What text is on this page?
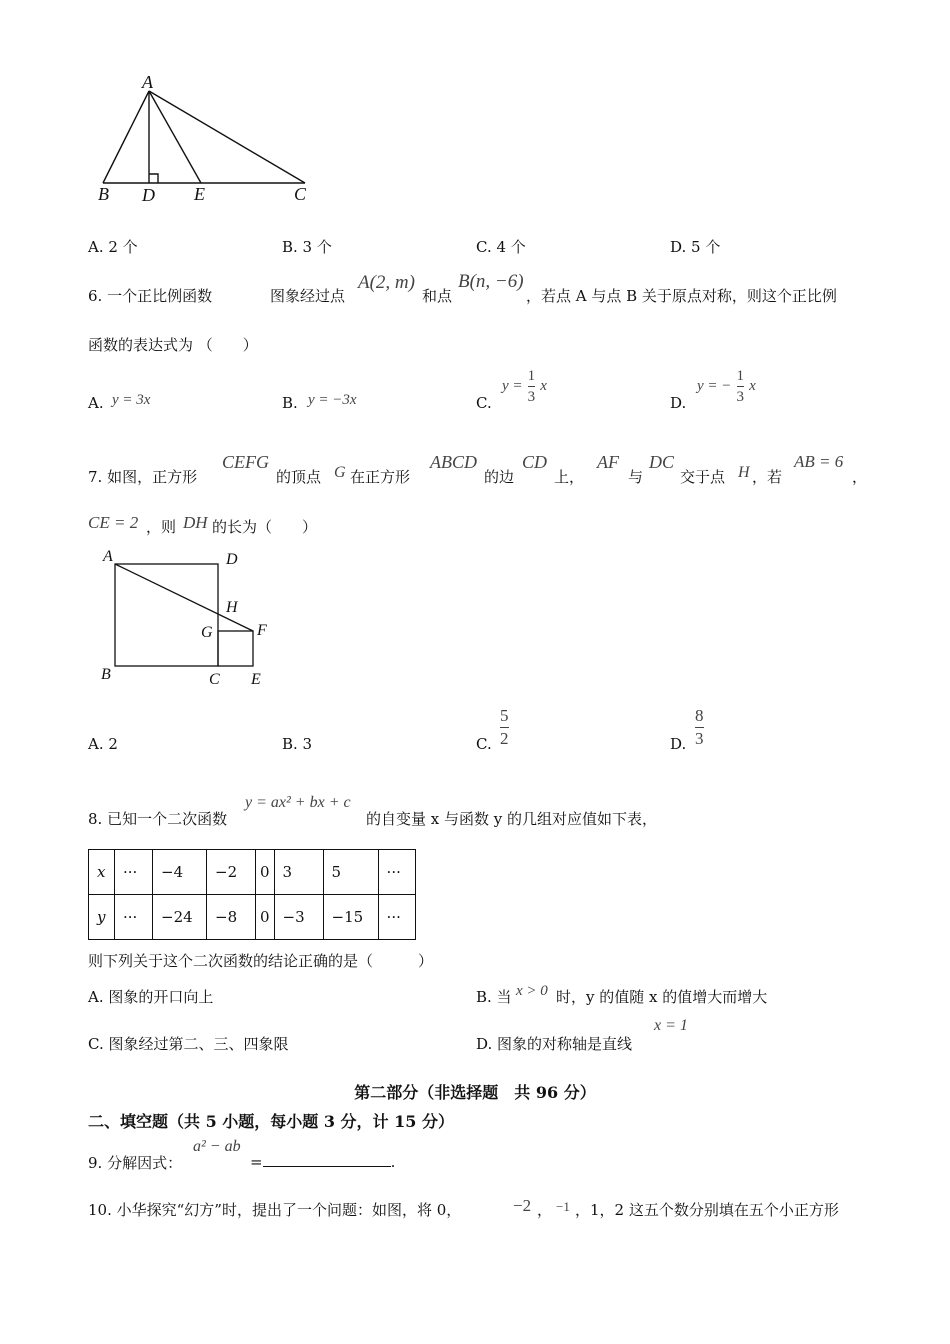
A
B D E	C
A. 2 个	B. 3 个	C. 4 个	D. 5 个
6. 一个正比例函数	图象经过点
A(2, m)
和点
B(n, −6)
，若点 A 与点 B 关于原点对称，则这个正比例
函数的表达式为 （　　）
A. y = 3x	B. y = −3x	C.
$y = \frac{1}{3}$ x
D.
y = − $\frac{1}{3}$ x
7. 如图，正方形
CEFG
的顶点 G 在正方形
ABCD
的边
CD
上，
AF
与
DC
交于点 H ，若
AB = 6
，
CE = 2 ，则 DH 的长为（　　）
A	D
H
G	F
B	C E
A. 2	B. 3	C. $\frac{5}{2}$	D. $\frac{8}{3}$
8. 已知一个二次函数
y = ax² + bx + c
的自变量 x 与函数 y 的几组对应值如下表，
x	···	−4	−2	0	3	5	···
y	···	−24	−8	0	−3	−15	···
则下列关于这个二次函数的结论正确的是（　　　）
A. 图象的开口向上	B. 当 x > 0 时，y 的值随 x 的值增大而增大
C. 图象经过第二、三、四象限	D. 图象的对称轴是直线
x = 1
第二部分（非选择题　共 96 分）
二、填空题（共 5 小题，每小题 3 分，计 15 分）
9. 分解因式：
a² − ab
=	.
10. 小华探究“幻方”时，提出了一个问题：如图，将 0，	−2 ， −1 ，1，2 这五个数分别填在五个小正方形
